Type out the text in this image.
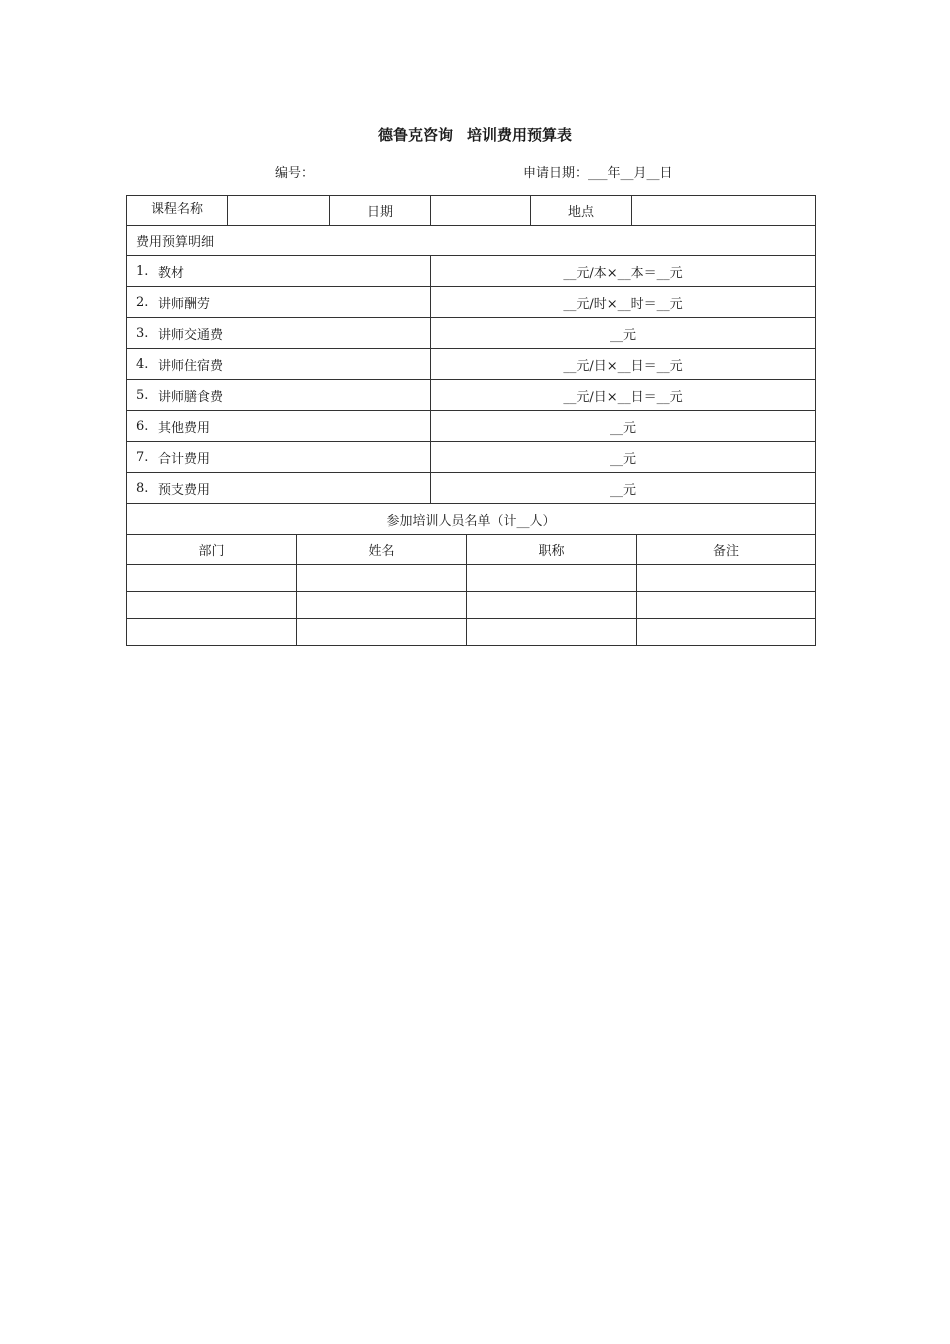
德鲁克咨询 培训费用预算表
编号：	申请日期：___年__月__日
课程名称	日期	地点
费用预算明细
1. 教材	__元/本×__本＝__元
2. 讲师酬劳	__元/时×__时＝__元
3. 讲师交通费	__元
4. 讲师住宿费	__元/日×__日＝__元
5. 讲师膳食费	__元/日×__日＝__元
6. 其他费用	__元
7. 合计费用	__元
8. 预支费用	__元
参加培训人员名单（计__人）
部门	姓名	职称	备注
